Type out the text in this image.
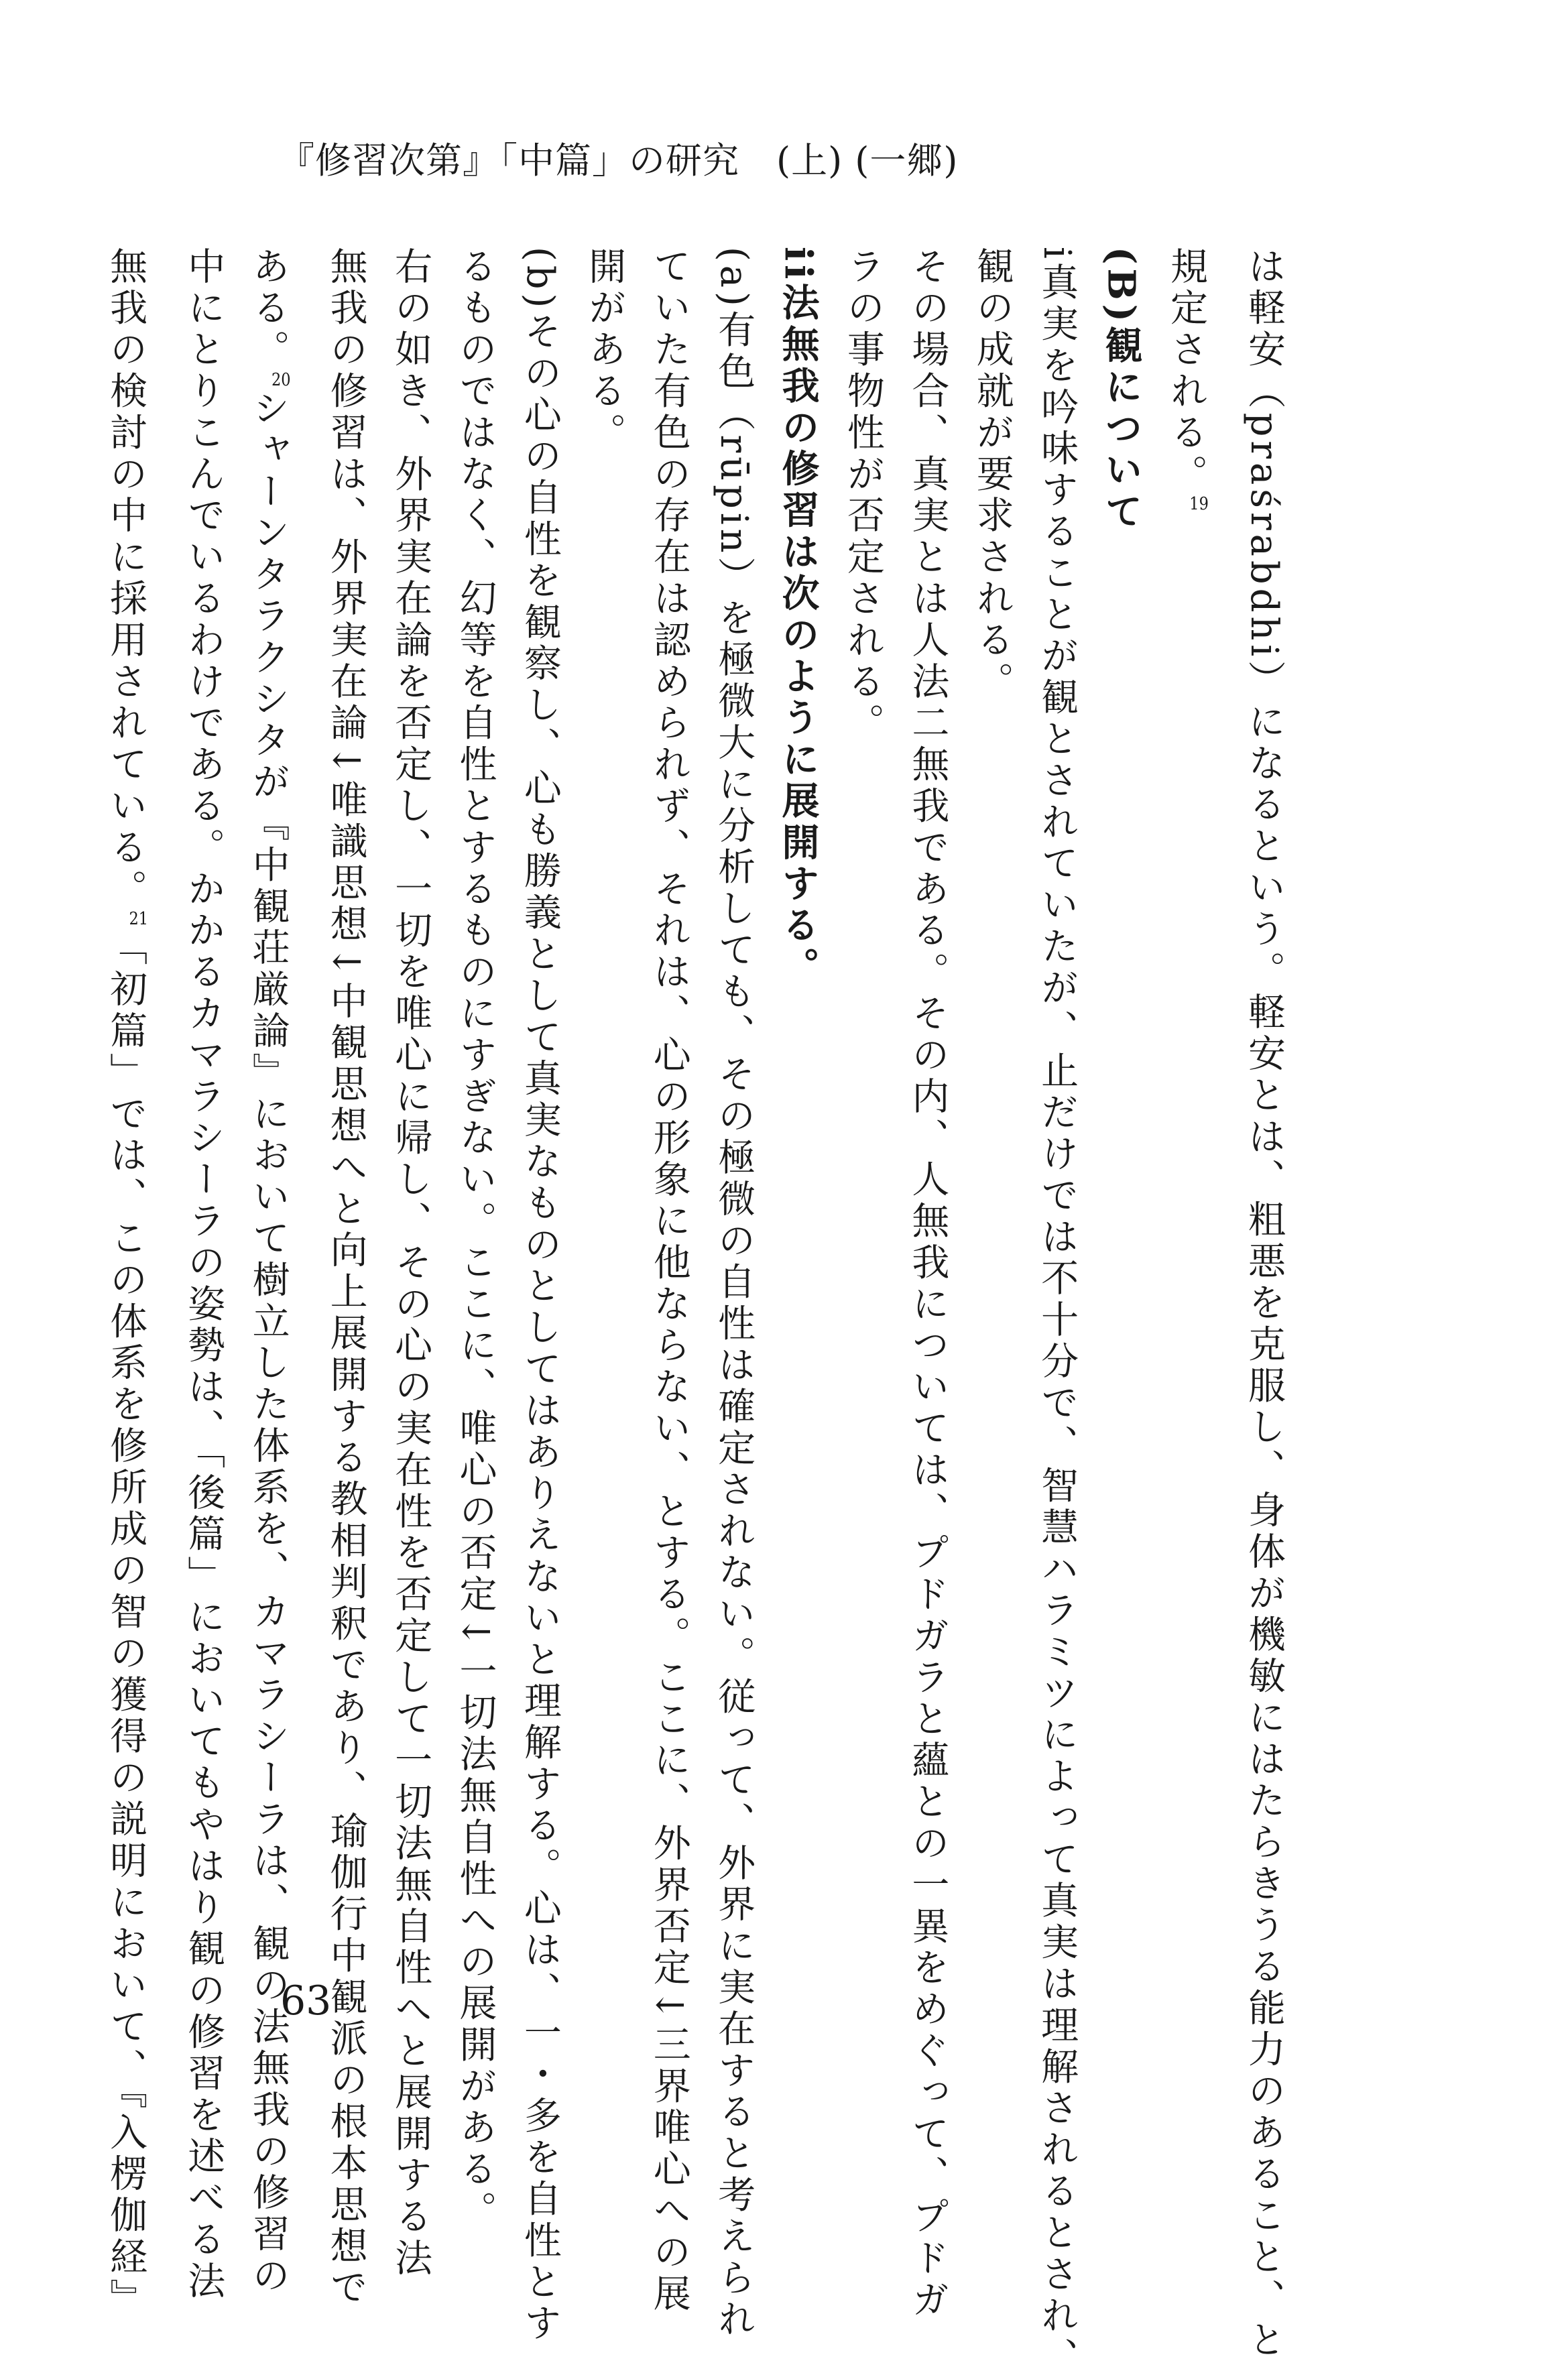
『修習次第』「中篇」の研究　(上) (一郷)
は軽安（praśrabdhi）になるという。軽安とは、粗悪を克服し、身体が機敏にはたらきうる能力のあること、と
規定される。19
(B)観について
i真実を吟味することが観とされていたが、止だけでは不十分で、智慧ハラミツによって真実は理解されるとされ、
観の成就が要求される。
その場合、真実とは人法二無我である。その内、人無我については、プドガラと蘊との一異をめぐって、プドガ
ラの事物性が否定される。
ii法無我の修習は次のように展開する。
(a)有色（rūpin）を極微大に分析しても、その極微の自性は確定されない。従って、外界に実在すると考えられ
ていた有色の存在は認められず、それは、心の形象に他ならない、とする。ここに、外界否定↓三界唯心への展
開がある。
(b)その心の自性を観察し、心も勝義として真実なものとしてはありえないと理解する。心は、一・多を自性とす
るものではなく、幻等を自性とするものにすぎない。ここに、唯心の否定↓一切法無自性への展開がある。
右の如き、外界実在論を否定し、一切を唯心に帰し、その心の実在性を否定して一切法無自性へと展開する法
無我の修習は、外界実在論↓唯識思想↓中観思想へと向上展開する教相判釈であり、瑜伽行中観派の根本思想で
ある。20シャーンタラクシタが『中観荘厳論』において樹立した体系を、カマラシーラは、観の法無我の修習の
中にとりこんでいるわけである。かかるカマラシーラの姿勢は、「後篇」においてもやはり観の修習を述べる法
無我の検討の中に採用されている。21「初篇」では、この体系を修所成の智の獲得の説明において、『入楞伽経』	63
